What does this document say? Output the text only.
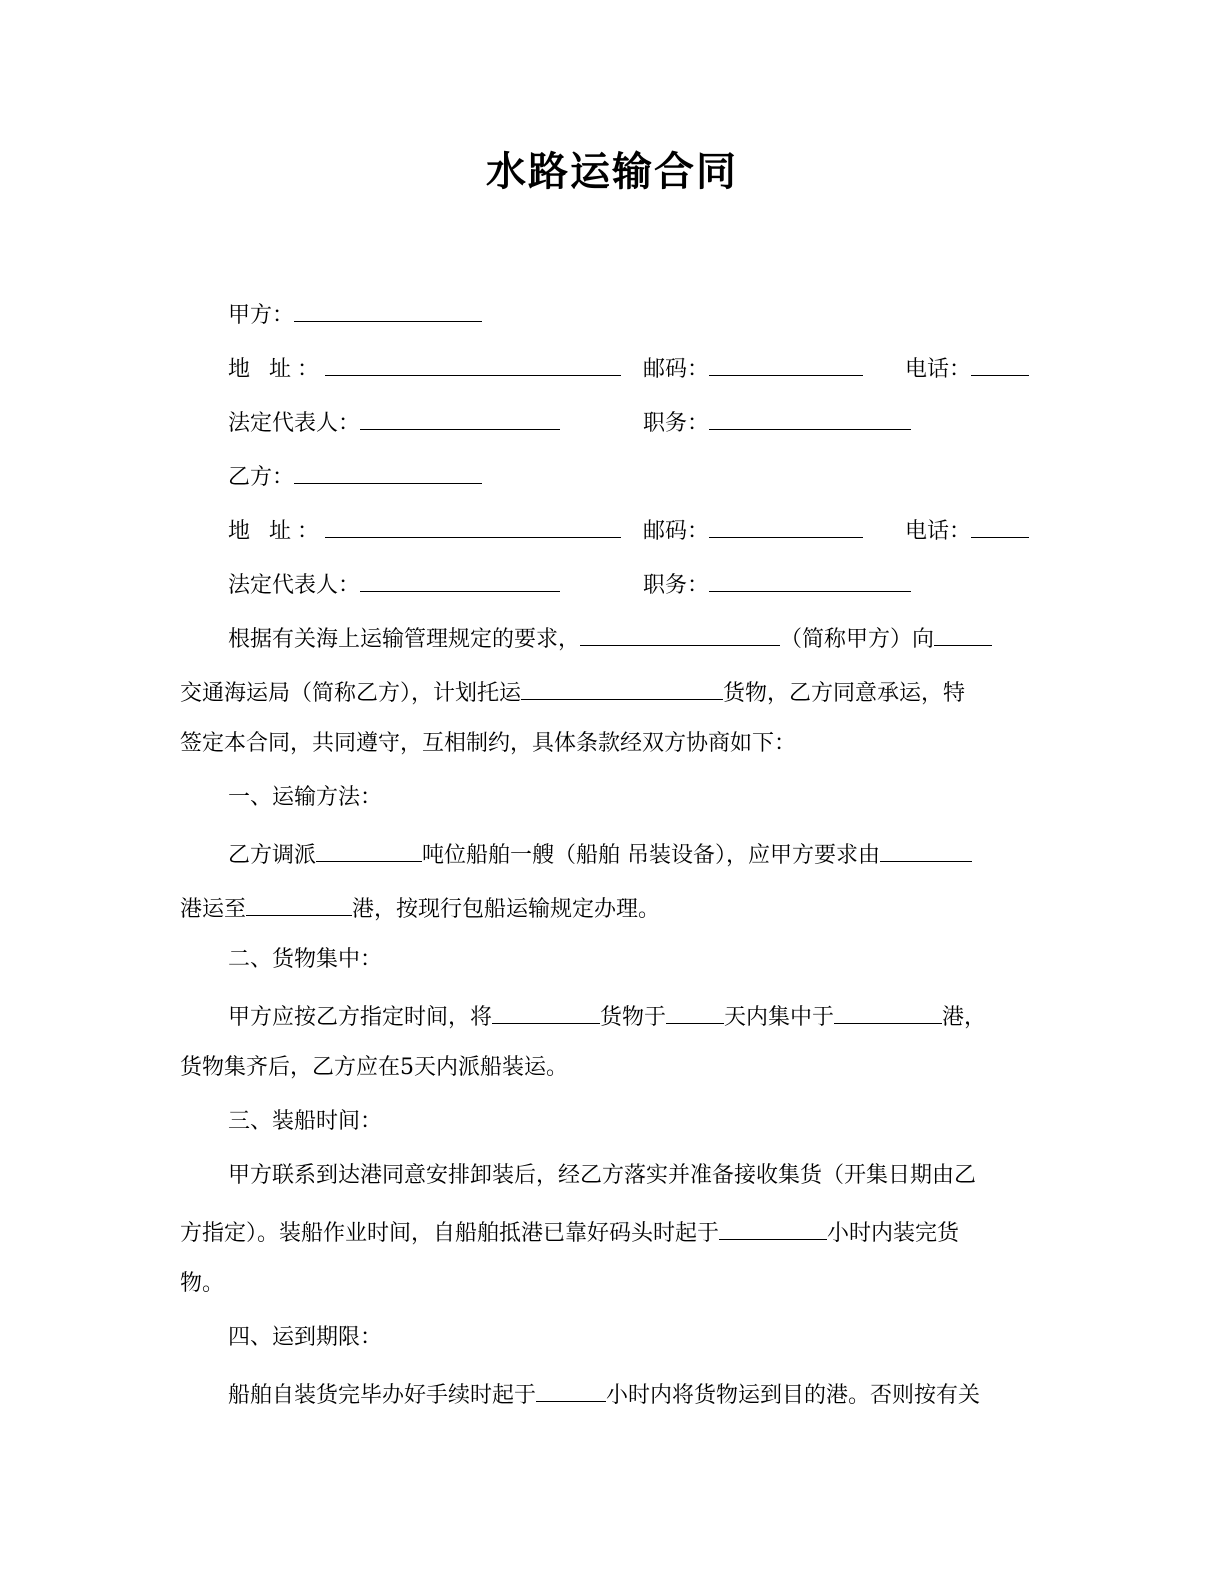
水路运输合同
甲方：
地 址：	邮码：	电话：
法定代表人：	职务：
乙方：
地 址：	邮码：	电话：
法定代表人：	职务：
根据有关海上运输管理规定的要求，	（简称甲方）向
交通海运局（简称乙方），计划托运	货物，乙方同意承运，特
签定本合同，共同遵守，互相制约，具体条款经双方协商如下：
一、运输方法：
乙方调派	吨位船舶一艘（船舶 吊装设备），应甲方要求由
港运至	港，按现行包船运输规定办理。
二、货物集中：
甲方应按乙方指定时间，将	货物于	天内集中于	港，
货物集齐后，乙方应在5天内派船装运。
三、装船时间：
甲方联系到达港同意安排卸装后，经乙方落实并准备接收集货（开集日期由乙
方指定）。装船作业时间，自船舶抵港已靠好码头时起于	小时内装完货
物。
四、运到期限：
船舶自装货完毕办好手续时起于	小时内将货物运到目的港。否则按有关
